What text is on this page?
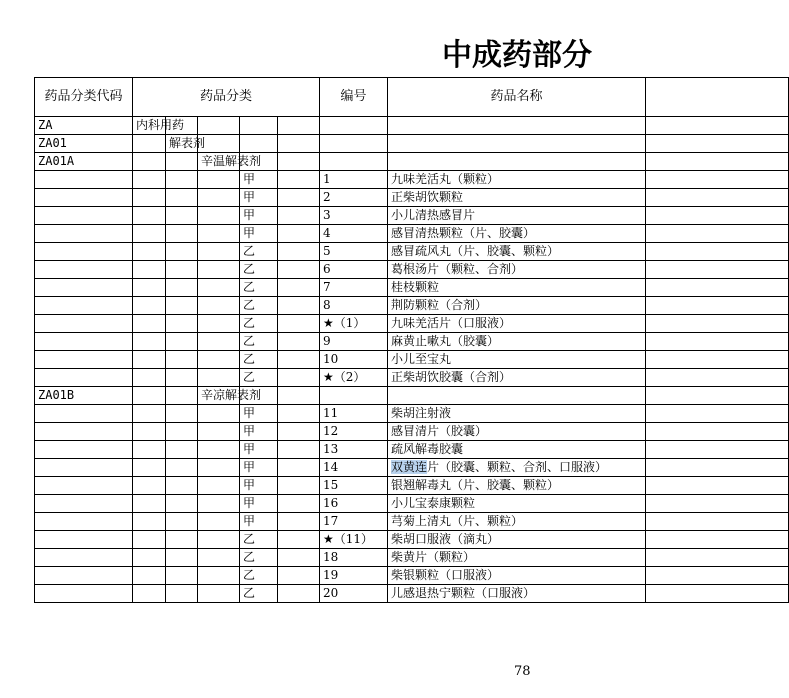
中成药部分
药品分类代码	药品分类					编号	药品名称	
ZA	内科用药							
ZA01		解表剂						
ZA01A			辛温解表剂					
				甲		1	九味羌活丸（颗粒）	
				甲		2	正柴胡饮颗粒	
				甲		3	小儿清热感冒片	
				甲		4	感冒清热颗粒（片、胶囊）	
				乙		5	感冒疏风丸（片、胶囊、颗粒）	
				乙		6	葛根汤片（颗粒、合剂）	
				乙		7	桂枝颗粒	
				乙		8	荆防颗粒（合剂）	
				乙		★（1）	九味羌活片（口服液）	
				乙		9	麻黄止嗽丸（胶囊）	
				乙		10	小儿至宝丸	
				乙		★（2）	正柴胡饮胶囊（合剂）	
ZA01B			辛凉解表剂					
				甲		11	柴胡注射液	
				甲		12	感冒清片（胶囊）	
				甲		13	疏风解毒胶囊	
				甲		14	双黄连片（胶囊、颗粒、合剂、口服液）	
				甲		15	银翘解毒丸（片、胶囊、颗粒）	
				甲		16	小儿宝泰康颗粒	
				甲		17	芎菊上清丸（片、颗粒）	
				乙		★（11）	柴胡口服液（滴丸）	
				乙		18	柴黄片（颗粒）	
				乙		19	柴银颗粒（口服液）	
				乙		20	儿感退热宁颗粒（口服液）	
78
